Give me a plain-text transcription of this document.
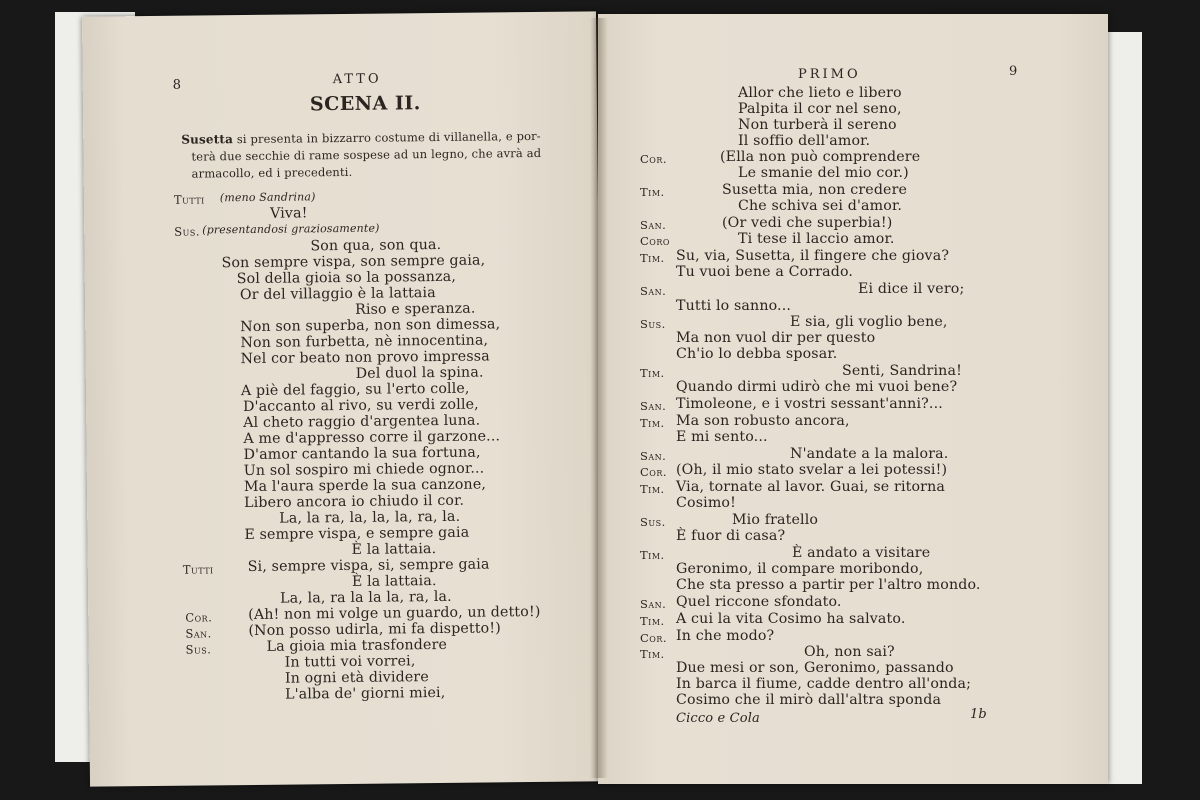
8	ATTO
SCENA II.
Susetta si presenta in bizzarro costume di villanella, e por-
terà due secchie di rame sospese ad un legno, che avrà ad
armacollo, ed i precedenti.
Tutti (meno Sandrina)
Viva!
Sus. (presentandosi graziosamente)
Son qua, son qua.
Son sempre vispa, son sempre gaia,
Sol della gioia so la possanza,
Or del villaggio è la lattaia
Riso e speranza.
Non son superba, non son dimessa,
Non son furbetta, nè innocentina,
Nel cor beato non provo impressa
Del duol la spina.
A piè del faggio, su l'erto colle,
D'accanto al rivo, su verdi zolle,
Al cheto raggio d'argentea luna.
A me d'appresso corre il garzone...
D'amor cantando la sua fortuna,
Un sol sospiro mi chiede ognor...
Ma l'aura sperde la sua canzone,
Libero ancora io chiudo il cor.
La, la ra, la, la, la, ra, la.
E sempre vispa, e sempre gaia
È la lattaia.
Tutti Si, sempre vispa, si, sempre gaia
È la lattaia.
La, la, ra la la la, ra, la.
Cor.	(Ah! non mi volge un guardo, un detto!)
San.	(Non posso udirla, mi fa dispetto!)
Sus.	La gioia mia trasfondere
In tutti voi vorrei,
In ogni età dividere
L'alba de' giorni miei,
PRIMO	9
Allor che lieto e libero
Palpita il cor nel seno,
Non turberà il sereno
Il soffio dell'amor.
Cor.	(Ella non può comprendere
Le smanie del mio cor.)
Tim.	Susetta mia, non credere
Che schiva sei d'amor.
San.	(Or vedi che superbia!)
Coro	Ti tese il laccio amor.
Tim. Su, via, Susetta, il fingere che giova?
Tu vuoi bene a Corrado.
San.	Ei dice il vero;
Tutti lo sanno...
Sus.	E sia, gli voglio bene,
Ma non vuol dir per questo
Ch'io lo debba sposar.
Tim.	Senti, Sandrina!
Quando dirmi udirò che mi vuoi bene?
San. Timoleone, e i vostri sessant'anni?...
Tim. Ma son robusto ancora,
E mi sento...
San.	N'andate a la malora.
Cor. (Oh, il mio stato svelar a lei potessi!)
Tim. Via, tornate al lavor. Guai, se ritorna
Cosimo!
Sus.	Mio fratello
È fuor di casa?
Tim.	È andato a visitare
Geronimo, il compare moribondo,
Che sta presso a partir per l'altro mondo.
San. Quel riccone sfondato.
Tim. A cui la vita Cosimo ha salvato.
Cor. In che modo?
Tim.	Oh, non sai?
Due mesi or son, Geronimo, passando
In barca il fiume, cadde dentro all'onda;
Cosimo che il mirò dall'altra sponda
Cicco e Cola	1b
